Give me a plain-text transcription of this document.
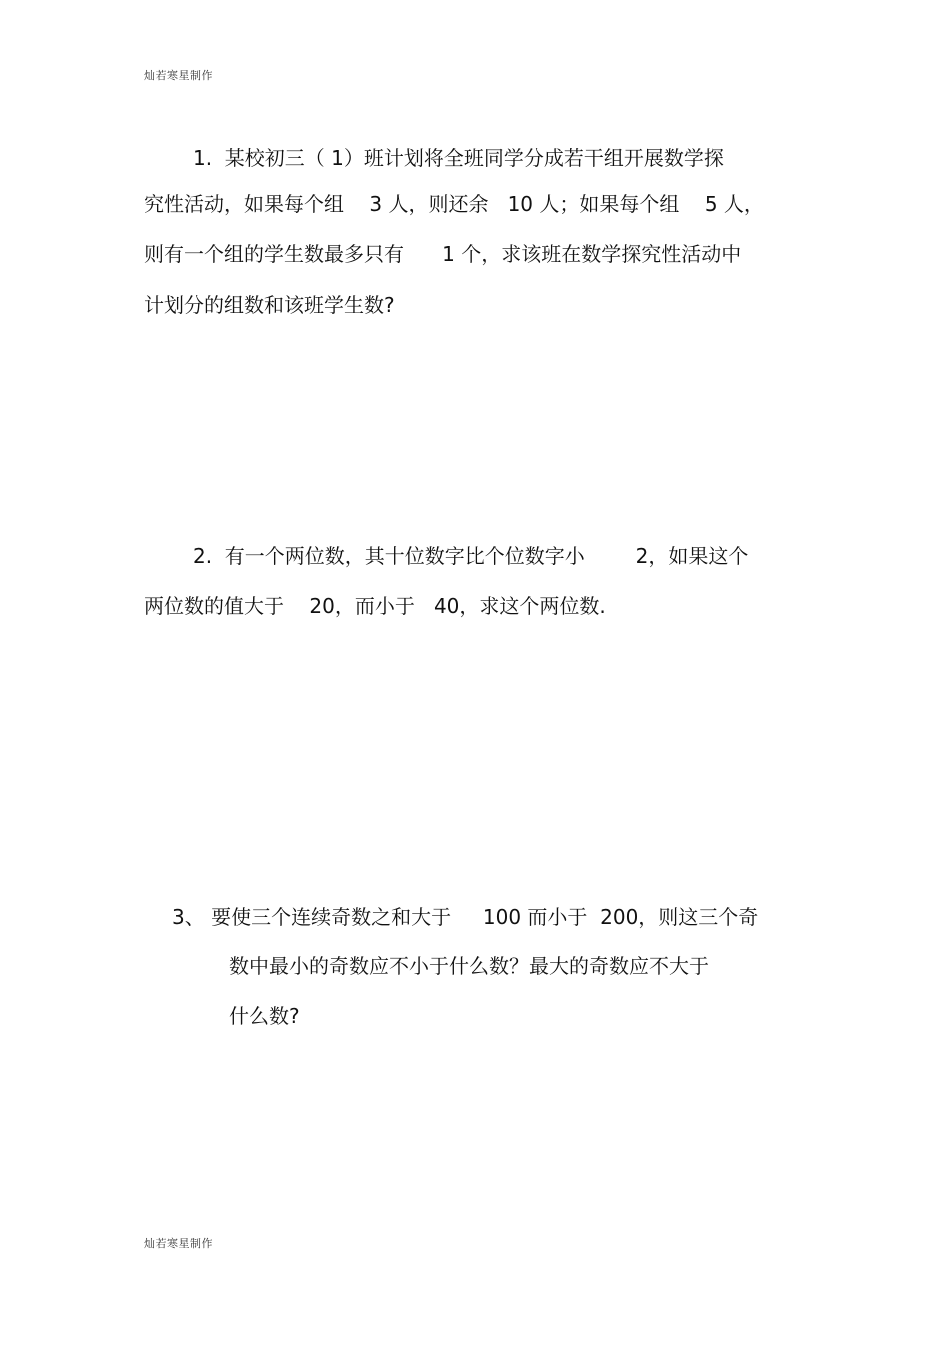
灿若寒星制作
1.  某校初三（ 1）班计划将全班同学分成若干组开展数学探
究性活动，如果每个组    3 人，则还余   10 人；如果每个组    5 人，
则有一个组的学生数最多只有      1 个，求该班在数学探究性活动中
计划分的组数和该班学生数?
2.  有一个两位数，其十位数字比个位数字小        2，如果这个
两位数的值大于    20，而小于   40，求这个两位数.
3、 要使三个连续奇数之和大于     100 而小于  200，则这三个奇
数中最小的奇数应不小于什么数？最大的奇数应不大于
什么数?
灿若寒星制作
